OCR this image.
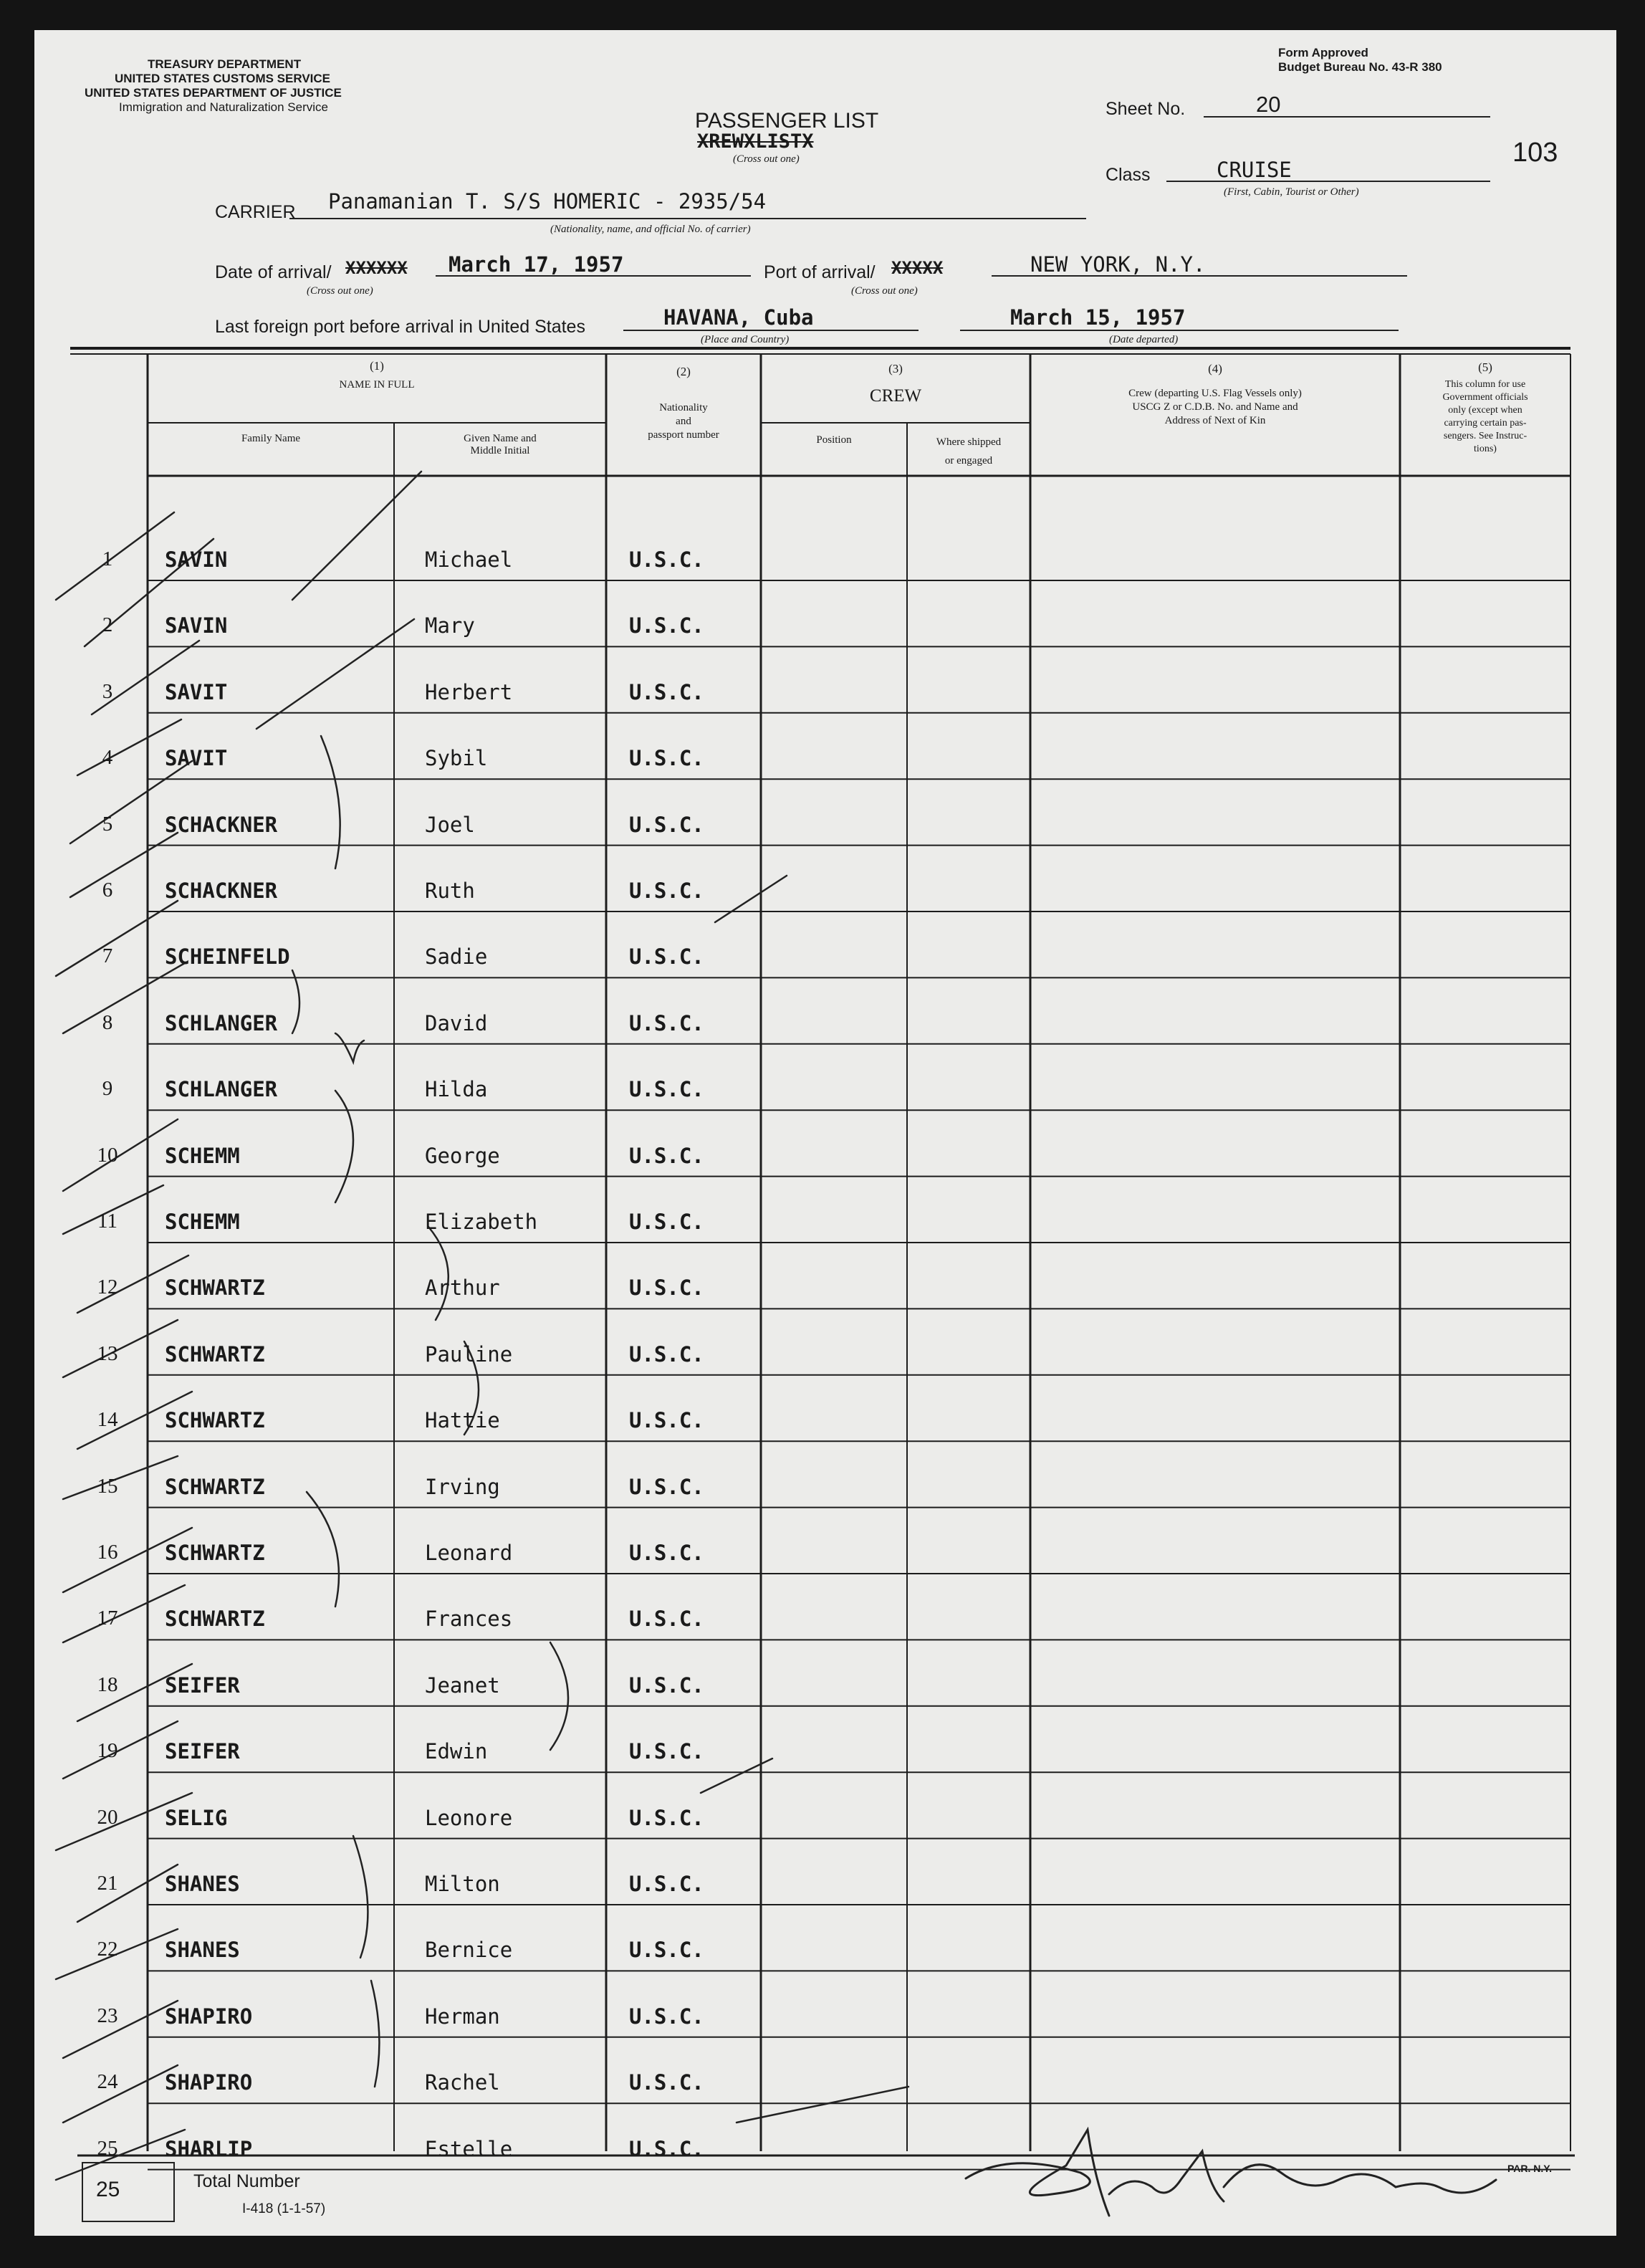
TREASURY DEPARTMENT
UNITED STATES CUSTOMS SERVICE
UNITED STATES DEPARTMENT OF JUSTICE
Immigration and Naturalization Service
PASSENGER LIST
XREWXLISTX
(Cross out one)
Form Approved
Budget Bureau No. 43-R 380
Sheet No.	20
103
Class	CRUISE
(First, Cabin, Tourist or Other)
CARRIER Panamanian T. S/S HOMERIC - 2935/54
(Nationality, name, and official No. of carrier)
Date of arrival/ XXXXXX
(Cross out one)
March 17, 1957	Port of arrival/ XXXXX
(Cross out one)
NEW YORK, N.Y.
Last foreign port before arrival in United States	HAVANA, Cuba
(Place and Country)
March 15, 1957
(Date departed)
(1)
NAME IN FULL
Family Name	Given Name and
Middle Initial
(2)
Nationality
and
passport number
(3)
CREW
Position	Where shipped
or engaged
(4)
Crew (departing U.S. Flag Vessels only)
USCG Z or C.D.B. No. and Name and
Address of Next of Kin
(5)
This column for use
Government officials
only (except when
carrying certain pas-
sengers. See Instruc-
tions)
1	SAVIN	Michael	U.S.C.
2	SAVIN	Mary	U.S.C.
3	SAVIT	Herbert	U.S.C.
4	SAVIT	Sybil	U.S.C.
5	SCHACKNER	Joel	U.S.C.
6	SCHACKNER	Ruth	U.S.C.
7	SCHEINFELD	Sadie	U.S.C.
8	SCHLANGER	David	U.S.C.
9	SCHLANGER	Hilda	U.S.C.
10	SCHEMM	George	U.S.C.
11	SCHEMM	Elizabeth	U.S.C.
12	SCHWARTZ	Arthur	U.S.C.
13	SCHWARTZ	Pauline	U.S.C.
14	SCHWARTZ	Hattie	U.S.C.
15	SCHWARTZ	Irving	U.S.C.
16	SCHWARTZ	Leonard	U.S.C.
17	SCHWARTZ	Frances	U.S.C.
18	SEIFER	Jeanet	U.S.C.
19	SEIFER	Edwin	U.S.C.
20	SELIG	Leonore	U.S.C.
21	SHANES	Milton	U.S.C.
22	SHANES	Bernice	U.S.C.
23	SHAPIRO	Herman	U.S.C.
24	SHAPIRO	Rachel	U.S.C.
25	SHARLIP	Estelle	U.S.C.
25	Total Number
I-418 (1-1-57)
PAR. N.Y.
